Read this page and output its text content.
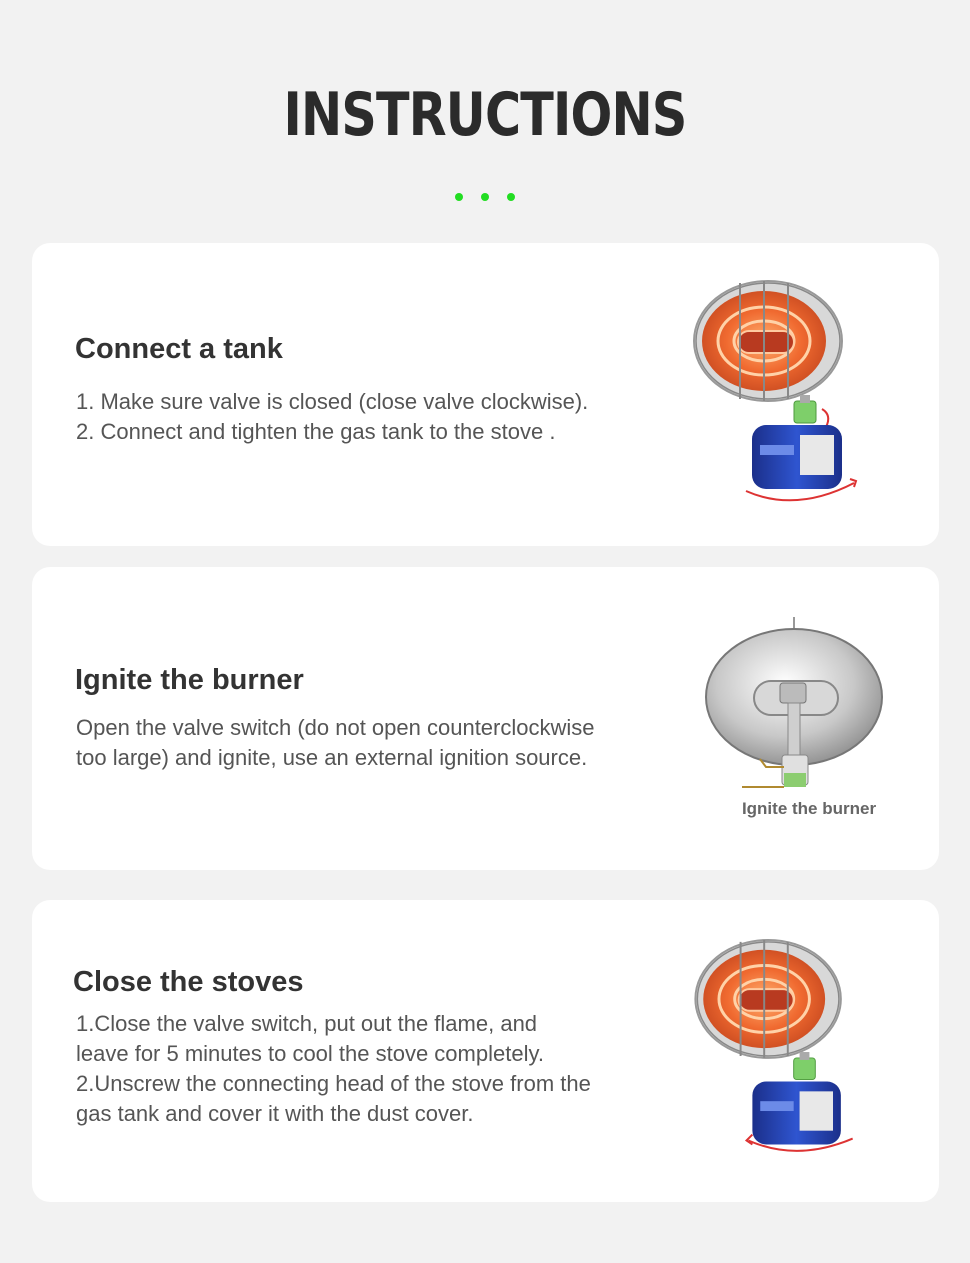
INSTRUCTIONS
Connect a tank
1. Make sure valve is closed (close valve clockwise).
2. Connect and tighten the gas tank to the stove .
Ignite the burner
Open the valve switch (do not open counterclockwise
too large) and ignite, use an external ignition source.
Ignite the burner
Close the stoves
1.Close the valve switch, put out the flame, and
leave for 5 minutes to cool the stove completely.
2.Unscrew the connecting head of the stove from the
gas tank and cover it with the dust cover.
